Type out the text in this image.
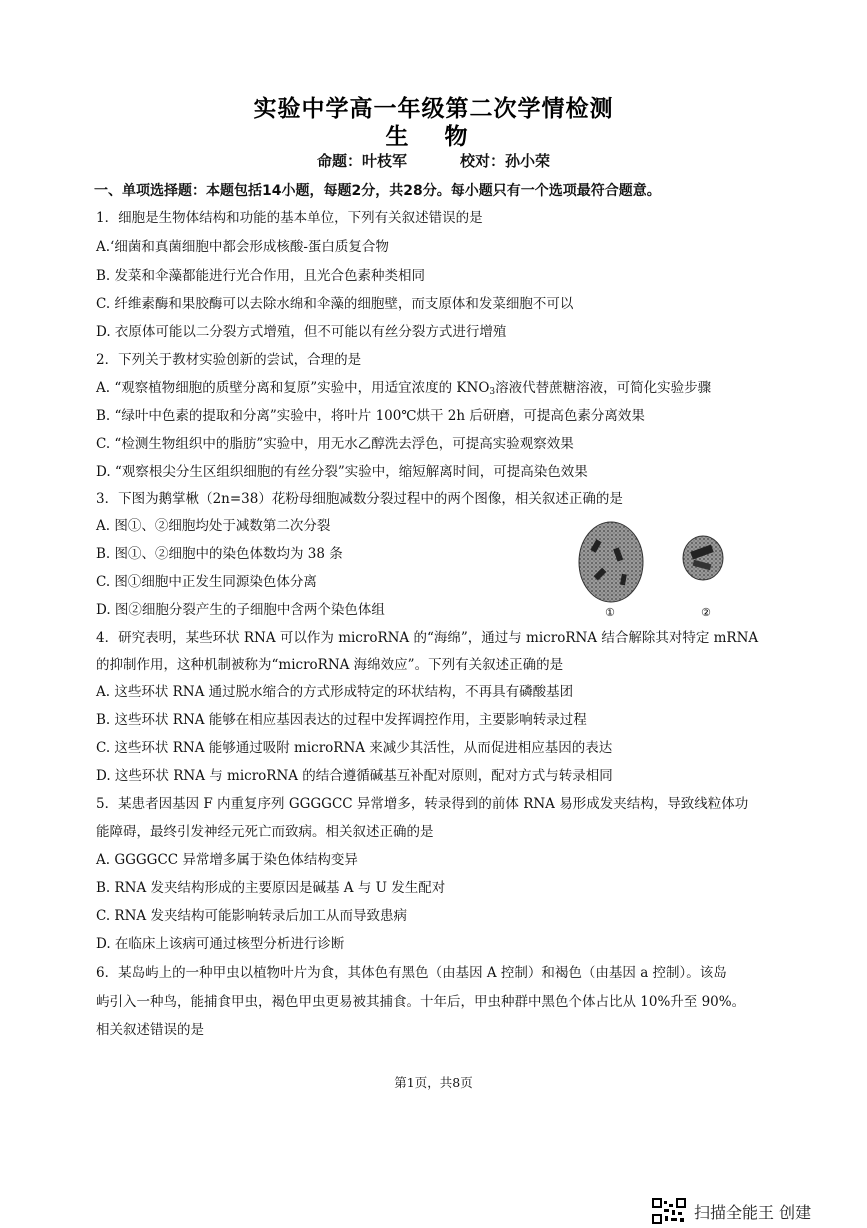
实验中学高一年级第二次学情检测
生 物
命题：叶枝军	校对：孙小荣
一、单项选择题：本题包括14小题，每题2分，共28分。每小题只有一个选项最符合题意。
1．细胞是生物体结构和功能的基本单位，下列有关叙述错误的是
A.‘细菌和真菌细胞中都会形成核酸-蛋白质复合物
B. 发菜和伞藻都能进行光合作用，且光合色素种类相同
C. 纤维素酶和果胶酶可以去除水绵和伞藻的细胞壁，而支原体和发菜细胞不可以
D. 衣原体可能以二分裂方式增殖，但不可能以有丝分裂方式进行增殖
2．下列关于教材实验创新的尝试，合理的是
A. “观察植物细胞的质壁分离和复原”实验中，用适宜浓度的 $KNO_3$溶液代替蔗糖溶液，可简化实验步骤
B. “绿叶中色素的提取和分离”实验中，将叶片 100℃烘干 2h 后研磨，可提高色素分离效果
C. “检测生物组织中的脂肪”实验中，用无水乙醇洗去浮色，可提高实验观察效果
D. “观察根尖分生区组织细胞的有丝分裂”实验中，缩短解离时间，可提高染色效果
3．下图为鹅掌楸（2n=38）花粉母细胞减数分裂过程中的两个图像，相关叙述正确的是
A. 图①、②细胞均处于减数第二次分裂
B. 图①、②细胞中的染色体数均为 38 条
C. 图①细胞中正发生同源染色体分离
D. 图②细胞分裂产生的子细胞中含两个染色体组	①	②
4．研究表明，某些环状 RNA 可以作为 microRNA 的“海绵”，通过与 microRNA 结合解除其对特定 mRNA
的抑制作用，这种机制被称为“microRNA 海绵效应”。下列有关叙述正确的是
A. 这些环状 RNA 通过脱水缩合的方式形成特定的环状结构，不再具有磷酸基团
B. 这些环状 RNA 能够在相应基因表达的过程中发挥调控作用，主要影响转录过程
C. 这些环状 RNA 能够通过吸附 microRNA 来减少其活性，从而促进相应基因的表达
D. 这些环状 RNA 与 microRNA 的结合遵循碱基互补配对原则，配对方式与转录相同
5．某患者因基因 F 内重复序列 GGGGCC 异常增多，转录得到的前体 RNA 易形成发夹结构，导致线粒体功
能障碍，最终引发神经元死亡而致病。相关叙述正确的是
A. GGGGCC 异常增多属于染色体结构变异
B. RNA 发夹结构形成的主要原因是碱基 A 与 U 发生配对
C. RNA 发夹结构可能影响转录后加工从而导致患病
D. 在临床上该病可通过核型分析进行诊断
6．某岛屿上的一种甲虫以植物叶片为食，其体色有黑色（由基因 A 控制）和褐色（由基因 a 控制）。该岛
屿引入一种鸟，能捕食甲虫，褐色甲虫更易被其捕食。十年后，甲虫种群中黑色个体占比从 10%升至 90%。
相关叙述错误的是
第1页，共8页
扫描全能王 创建
